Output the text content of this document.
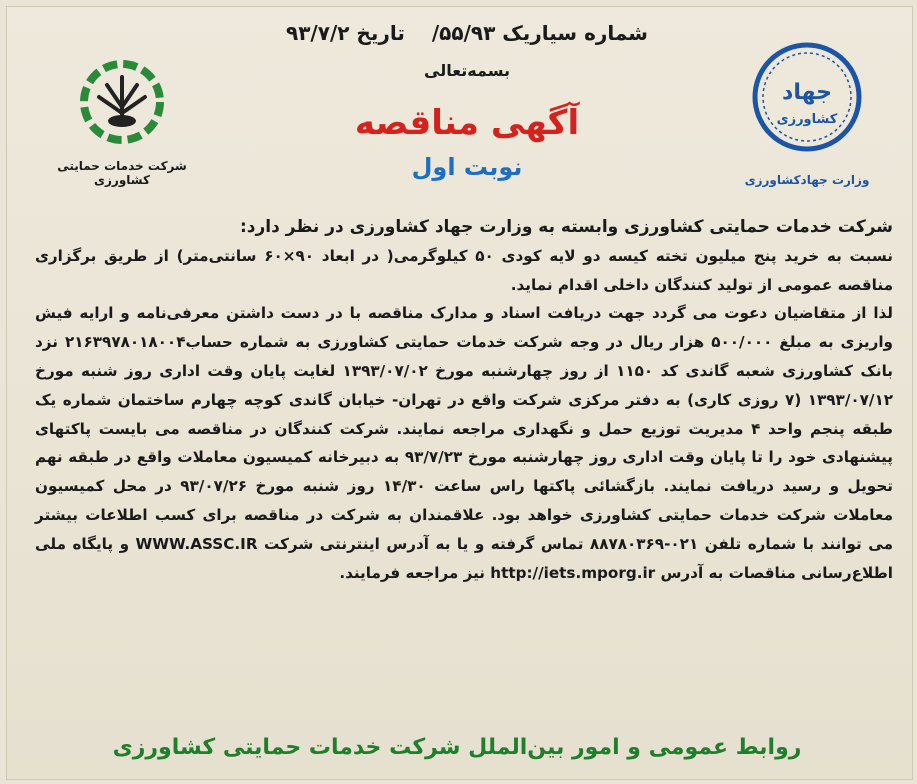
شماره سیاریک ۵۵/۹۳/ تاریخ ۹۳/۷/۲
بسمه‌تعالی
آگهی مناقصه
نوبت اول
جهاد
کشاورزی
وزارت جهادکشاورزی
شرکت خدمات حمایتی کشاورزی

شرکت خدمات حمایتی کشاورزی وابسته به وزارت جهاد کشاورزی در نظر دارد:

نسبت به خرید پنج میلیون تخته کیسه دو لایه کودی ۵۰ کیلوگرمی( در ابعاد ۹۰×۶۰ سانتی‌متر) از طریق برگزاری مناقصه عمومی از تولید کنندگان داخلی اقدام نماید.

لذا از متقاضیان دعوت می گردد جهت دریافت اسناد و مدارک مناقصه با در دست داشتن معرفی‌نامه و ارایه فیش واریزی به مبلغ ۵۰۰/۰۰۰ هزار ریال در وجه شرکت خدمات حمایتی کشاورزی به شماره حساب۲۱۶۳۹۷۸۰۱۸۰۰۴ نزد بانک کشاورزی شعبه گاندی کد ۱۱۵۰ از روز چهارشنبه مورخ ۱۳۹۳/۰۷/۰۲ لغایت پایان وقت اداری روز شنبه مورخ ۱۳۹۳/۰۷/۱۲ (۷ روزی کاری) به دفتر مرکزی شرکت واقع در تهران- خیابان گاندی کوچه چهارم ساختمان شماره یک طبقه پنجم واحد ۴ مدیریت توزیع حمل و نگهداری مراجعه نمایند. شرکت کنندگان در مناقصه می بایست پاکتهای پیشنهادی خود را تا پایان وقت اداری روز چهارشنبه مورخ ۹۳/۷/۲۳ به دبیرخانه کمیسیون معاملات واقع در طبقه نهم تحویل و رسید دریافت نمایند. بازگشائی پاکتها راس ساعت ۱۴/۳۰ روز شنبه مورخ ۹۳/۰۷/۲۶ در محل کمیسیون معاملات شرکت خدمات حمایتی کشاورزی خواهد بود. علاقمندان به شرکت در مناقصه برای کسب اطلاعات بیشتر می توانند با شماره تلفن ۰۲۱-۸۸۷۸۰۳۶۹ تماس گرفته و یا به آدرس اینترنتی شرکت WWW.ASSC.IR و پایگاه ملی اطلاع‌رسانی مناقصات به آدرس http://iets.mporg.ir نیز مراجعه فرمایند.

روابط عمومی و امور بین‌الملل شرکت خدمات حمایتی کشاورزی
